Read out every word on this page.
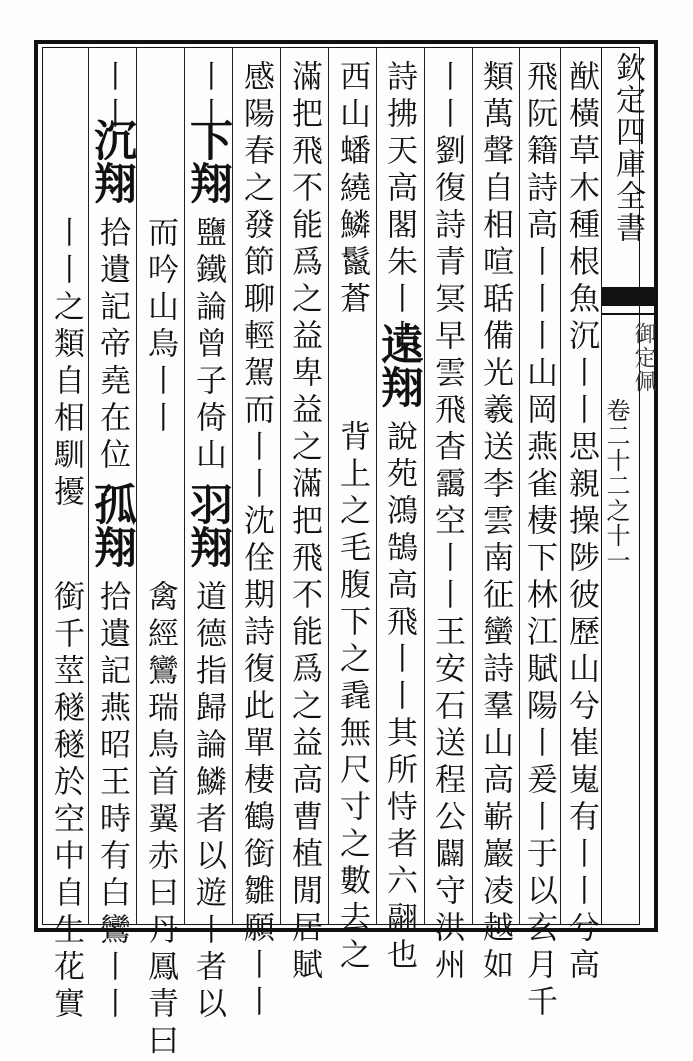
欽定四庫全書
御定佩
卷二十二之十一
猷橫草木種根魚沉丨丨思親操陟彼歷山兮崔嵬有丨丨兮高
飛阮籍詩高丨丨丨山岡燕雀棲下林江賦陽丨爰丨于以玄月千
類萬聲自相喧聒備光羲送李雲南征蠻詩羣山高嶄巖凌越如
丨丨劉復詩青冥早雲飛杳靄空丨丨王安石送程公闢守洪州
詩拂天高閣朱丨丨
遠翔
說苑鴻鵠高飛丨丨其所恃者六翮也
西山蟠繞鱗鬣蒼
背上之毛腹下之毳無尺寸之數去之
滿把飛不能爲之益卑益之滿把飛不能爲之益高曹植閒居賦
感陽春之發節聊輕駕而丨丨沈佺期詩復此單棲鶴銜雛願丨丨
丨丨
下翔
鹽鐵論曾子倚山
羽翔
道德指歸論鱗者以遊丨者以
而吟山鳥丨丨
禽經鸞瑞鳥首翼赤曰丹鳳青曰
丨丨
沉翔
拾遺記帝堯在位
孤翔
拾遺記燕昭王時有白鸞丨丨
丨丨之類自相馴擾
銜千莖穟穟於空中自生花實
